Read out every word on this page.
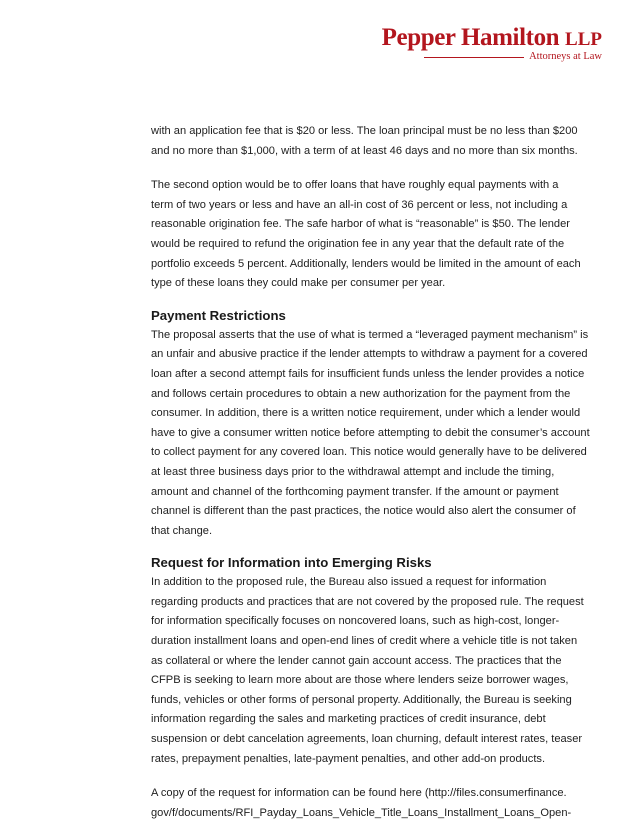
Pepper Hamilton LLP
Attorneys at Law

with an application fee that is $20 or less. The loan principal must be no less than $200

and no more than $1,000, with a term of at least 46 days and no more than six months.

The second option would be to offer loans that have roughly equal payments with a

term of two years or less and have an all-in cost of 36 percent or less, not including a

reasonable origination fee. The safe harbor of what is “reasonable” is $50. The lender

would be required to refund the origination fee in any year that the default rate of the

portfolio exceeds 5 percent. Additionally, lenders would be limited in the amount of each

type of these loans they could make per consumer per year.

Payment Restrictions

The proposal asserts that the use of what is termed a “leveraged payment mechanism” is

an unfair and abusive practice if the lender attempts to withdraw a payment for a covered

loan after a second attempt fails for insufficient funds unless the lender provides a notice

and follows certain procedures to obtain a new authorization for the payment from the

consumer. In addition, there is a written notice requirement, under which a lender would

have to give a consumer written notice before attempting to debit the consumer’s account

to collect payment for any covered loan. This notice would generally have to be delivered

at least three business days prior to the withdrawal attempt and include the timing,

amount and channel of the forthcoming payment transfer. If the amount or payment

channel is different than the past practices, the notice would also alert the consumer of

that change.

Request for Information into Emerging Risks

In addition to the proposed rule, the Bureau also issued a request for information

regarding products and practices that are not covered by the proposed rule. The request

for information specifically focuses on noncovered loans, such as high-cost, longer-

duration installment loans and open-end lines of credit where a vehicle title is not taken

as collateral or where the lender cannot gain account access. The practices that the

CFPB is seeking to learn more about are those where lenders seize borrower wages,

funds, vehicles or other forms of personal property. Additionally, the Bureau is seeking

information regarding the sales and marketing practices of credit insurance, debt

suspension or debt cancelation agreements, loan churning, default interest rates, teaser

rates, prepayment penalties, late-payment penalties, and other add-on products.

A copy of the request for information can be found here (http://files.consumerfinance.

gov/f/documents/RFI_Payday_Loans_Vehicle_Title_Loans_Installment_Loans_Open-
